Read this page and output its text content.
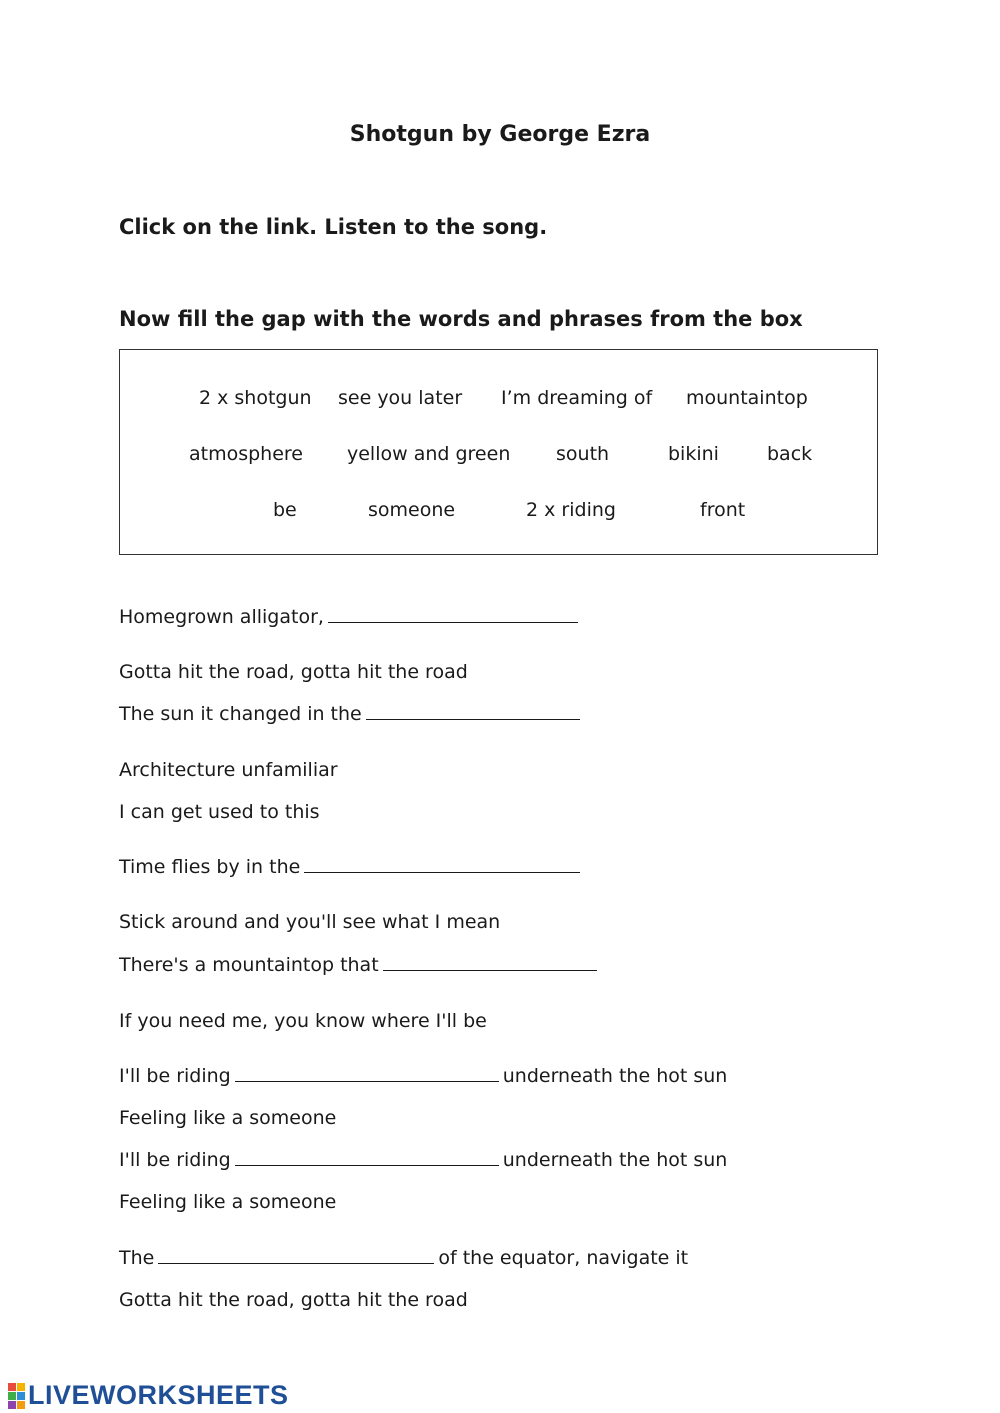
Shotgun by George Ezra
Click on the link. Listen to the song.
Now fill the gap with the words and phrases from the box
2 x shotgun see you later I’m dreaming of mountaintop
atmosphere yellow and green south	bikini	back
be	someone	2 x riding	front
Homegrown alligator,
Gotta hit the road, gotta hit the road
The sun it changed in the
Architecture unfamiliar
I can get used to this
Time flies by in the
Stick around and you'll see what I mean
There's a mountaintop that
If you need me, you know where I'll be
I'll be riding	underneath the hot sun
Feeling like a someone
I'll be riding	underneath the hot sun
Feeling like a someone
The	of the equator, navigate it
Gotta hit the road, gotta hit the road
LIVEWORKSHEETS
